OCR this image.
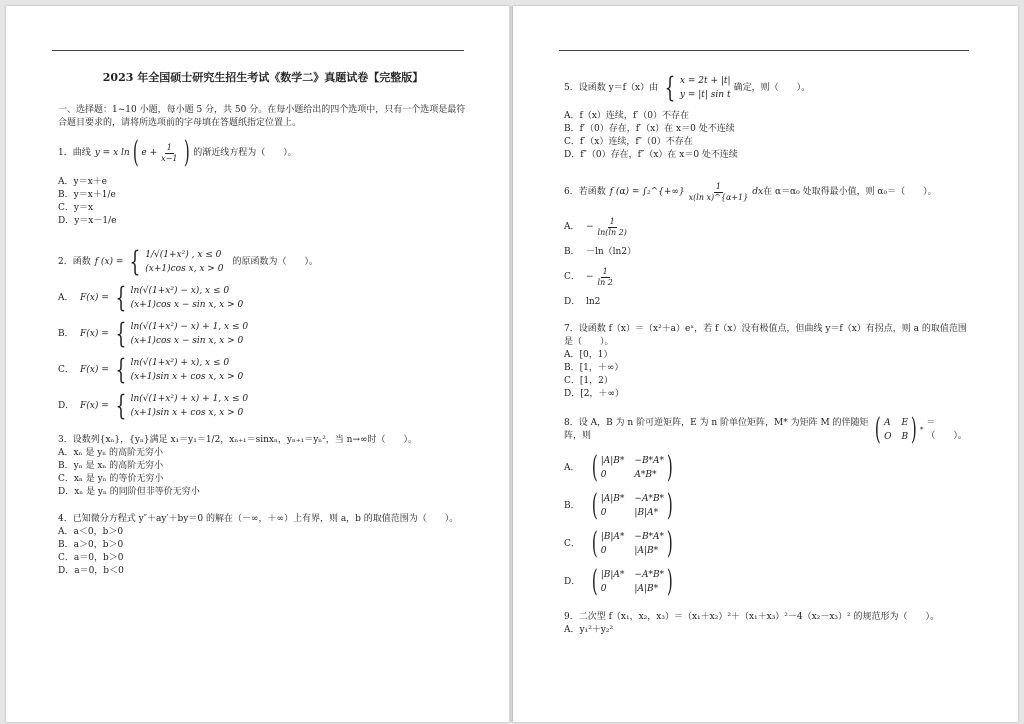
2023 年全国硕士研究生招生考试《数学二》真题试卷【完整版】

一、选择题：1~10 小题，每小题 5 分，共 50 分。在每小题给出的四个选项中，只有一个选项是最符合题目要求的，请将所选项前的字母填在答题纸指定位置上。

1．曲线 y = x ln ( $e + \frac{1}{x-1}$ ) 的渐近线方程为（　　）。

A．y＝x＋e

B．y＝x＋1/e

C．y＝x

D．y＝x－1/e

2．函数 f (x) = { 1/√(1+x²) , x ≤ 0
(x+1)cos x, x > 0
的原函数为（　　）。
A． F(x) = { ln(√(1+x²) − x), x ≤ 0
(x+1)cos x − sin x, x > 0
B． F(x) = { ln(√(1+x²) − x) + 1, x ≤ 0
(x+1)cos x − sin x, x > 0
C． F(x) = { ln(√(1+x²) + x), x ≤ 0
(x+1)sin x + cos x, x > 0
D． F(x) = { ln(√(1+x²) + x) + 1, x ≤ 0
(x+1)sin x + cos x, x > 0

3．设数列{xₙ}，{yₙ}满足 x₁＝y₁＝1/2，xₙ₊₁＝sinxₙ，yₙ₊₁＝yₙ²，当 n→∞时（　　）。

A．xₙ 是 yₙ 的高阶无穷小

B．yₙ 是 xₙ 的高阶无穷小

C．xₙ 是 yₙ 的等价无穷小

D．xₙ 是 yₙ 的同阶但非等价无穷小

4．已知微分方程式 y″＋ay′＋by＝0 的解在（－∞，＋∞）上有界，则 a，b 的取值范围为（　　）。

A．a＜0，b＞0

B．a＞0，b＞0

C．a＝0，b＞0

D．a＝0，b＜0

5．设函数 y＝f（x）由 { x = 2t + |t|
y = |t| sin t
确定，则（　　）。

A．f（x）连续，f′（0）不存在

B．f′（0）存在，f′（x）在 x＝0 处不连续

C．f′（x）连续，f″（0）不存在

D．f″（0）存在，f″（x）在 x＝0 处不连续

6．若函数 f (α) = ∫₂^{+∞} $\frac{1}{\text{x(ln x)\textasciicircum{}\{α+1\}}}$ dx 在 α＝α₀ 处取得最小值，则 α₀＝（　　）。
A． − $\frac{1}{\ln(\ln 2)}$
B． －ln（ln2）
C． − $\frac{1}{\ln 2}$
D． ln2

7．设函数 f（x）＝（x²＋a）eˣ，若 f（x）没有极值点，但曲线 y＝f（x）有拐点，则 a 的取值范围是（　　）。

A．[0，1）

B．[1，＋∞）

C．[1，2）

D．[2，＋∞）

8．设 A，B 为 n 阶可逆矩阵，E 为 n 阶单位矩阵，M* 为矩阵 M 的伴随矩阵，则	( A E
O B ) *
＝（　　）。
A． ( |A|B* −B*A*
0	A*B* )
B． ( |A|B* −A*B*
0	|B|A* )
C． ( |B|A* −B*A*
0	|A|B* )
D． ( |B|A* −A*B*
0	|A|B* )

9．二次型 f（x₁，x₂，x₃）＝（x₁＋x₂）²＋（x₁＋x₃）²－4（x₂－x₃）² 的规范形为（　　）。

A．y₁²＋y₂²
